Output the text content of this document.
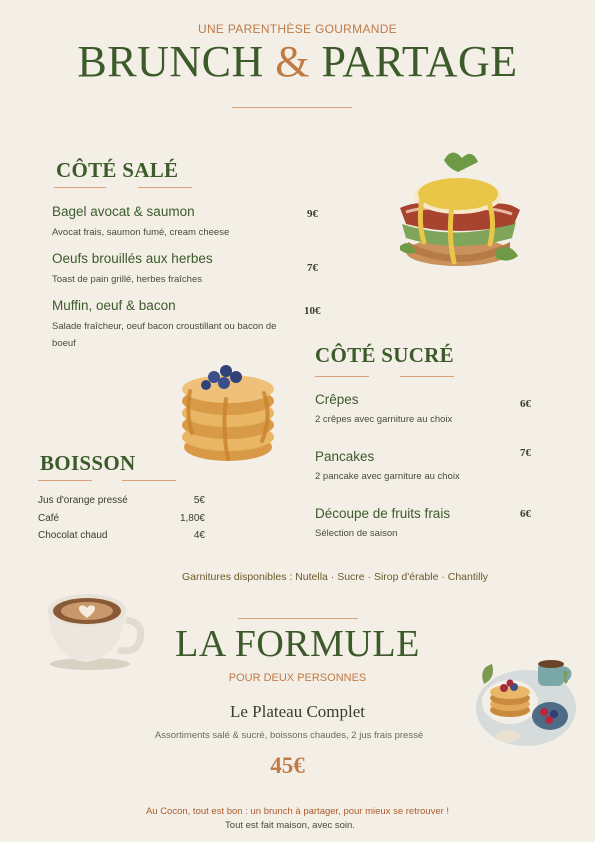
UNE PARENTHÈSE GOURMANDE
BRUNCH & PARTAGE
CÔTÉ SALÉ
Bagel avocat & saumon
Avocat frais, saumon fumé, cream cheese
9€
Oeufs brouillés aux herbes
Toast de pain grillé, herbes fraîches
7€
Muffin, oeuf & bacon
Salade fraîcheur, oeuf bacon croustillant ou bacon de
boeuf
10€
BOISSON
Jus d'orange pressé	5€
Café	1,80€
Chocolat chaud	4€
CÔTÉ SUCRÉ
Crêpes
2 crêpes avec garniture au choix
6€
Pancakes
2 pancake avec garniture au choix
7€
Découpe de fruits frais
Sélection de saison
6€
Garnitures disponibles : Nutella · Sucre · Sirop d'érable · Chantilly
LA FORMULE
POUR DEUX PERSONNES
Le Plateau Complet
Assortiments salé & sucré, boissons chaudes, 2 jus frais pressé
45€
Au Cocon, tout est bon : un brunch à partager, pour mieux se retrouver !
Tout est fait maison, avec soin.
